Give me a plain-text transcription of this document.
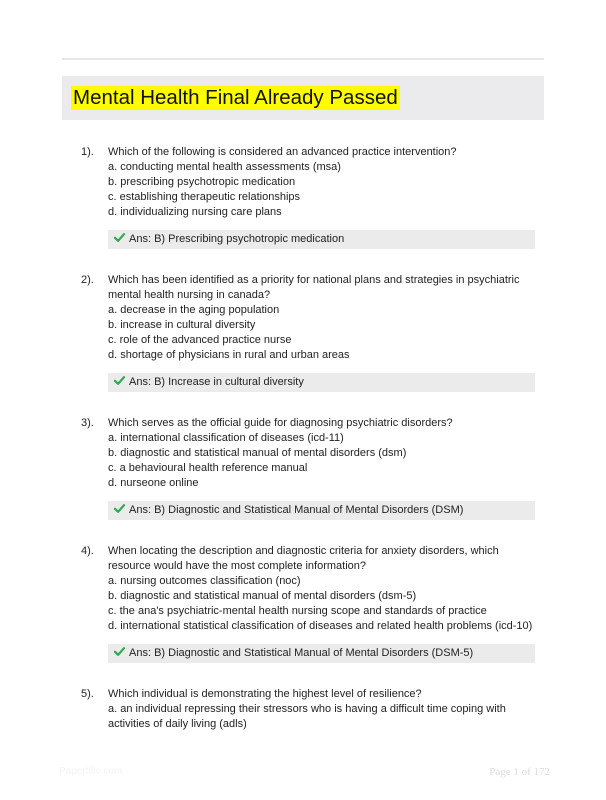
Mental Health Final Already Passed
1). Which of the following is considered an advanced practice intervention?
a. conducting mental health assessments (msa)
b. prescribing psychotropic medication
c. establishing therapeutic relationships
d. individualizing nursing care plans
Ans: B) Prescribing psychotropic medication
2). Which has been identified as a priority for national plans and strategies in psychiatric mental health nursing in canada?
a. decrease in the aging population
b. increase in cultural diversity
c. role of the advanced practice nurse
d. shortage of physicians in rural and urban areas
Ans: B) Increase in cultural diversity
3). Which serves as the official guide for diagnosing psychiatric disorders?
a. international classification of diseases (icd-11)
b. diagnostic and statistical manual of mental disorders (dsm)
c. a behavioural health reference manual
d. nurseone online
Ans: B) Diagnostic and Statistical Manual of Mental Disorders (DSM)
4). When locating the description and diagnostic criteria for anxiety disorders, which resource would have the most complete information?
a. nursing outcomes classification (noc)
b. diagnostic and statistical manual of mental disorders (dsm-5)
c. the ana's psychiatric-mental health nursing scope and standards of practice
d. international statistical classification of diseases and related health problems (icd-10)
Ans: B) Diagnostic and Statistical Manual of Mental Disorders (DSM-5)
5). Which individual is demonstrating the highest level of resilience?
a. an individual repressing their stressors who is having a difficult time coping with activities of daily living (adls)
Papertific.com	Page 1 of 172
